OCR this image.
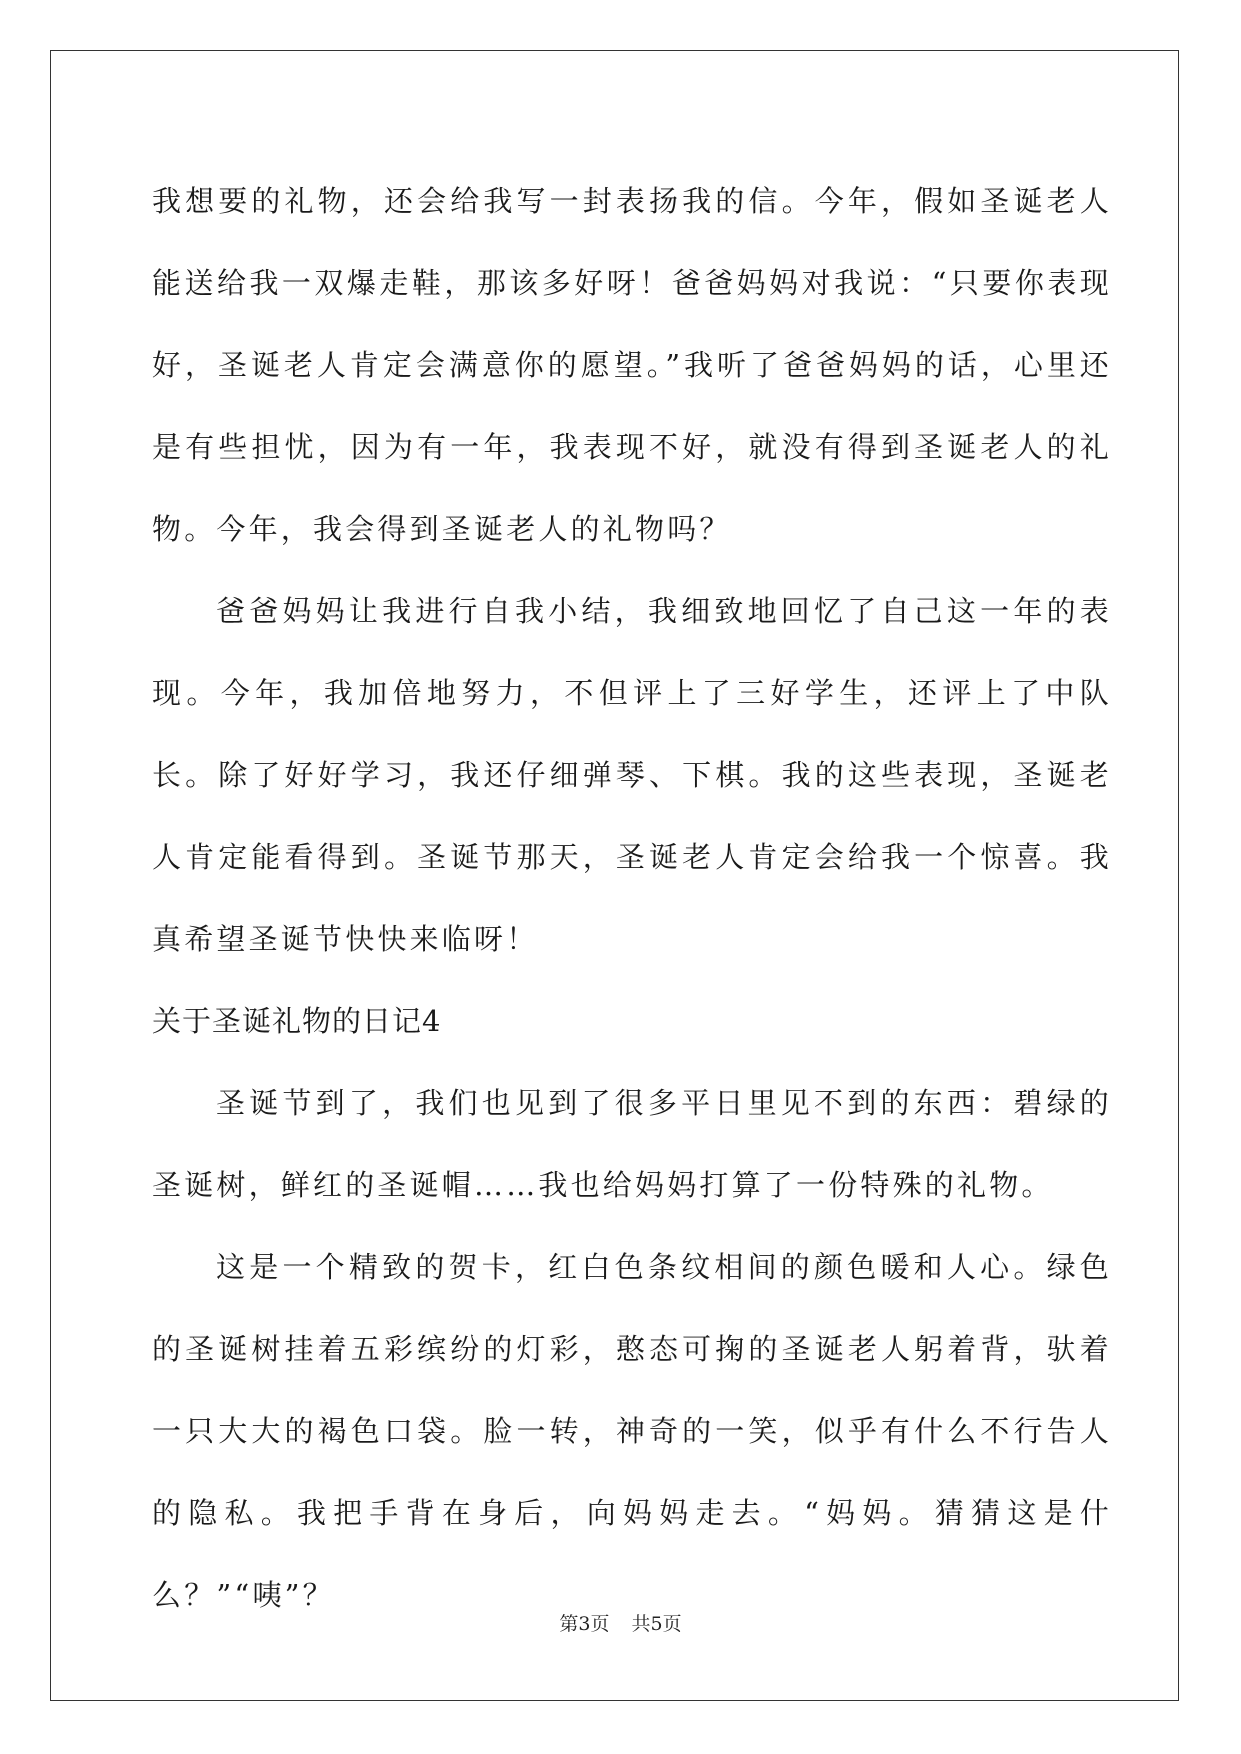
我想要的礼物，还会给我写一封表扬我的信。今年，假如圣诞老人能送给我一双爆走鞋，那该多好呀！爸爸妈妈对我说：“只要你表现好，圣诞老人肯定会满意你的愿望。”我听了爸爸妈妈的话，心里还是有些担忧，因为有一年，我表现不好，就没有得到圣诞老人的礼物。今年，我会得到圣诞老人的礼物吗？

爸爸妈妈让我进行自我小结，我细致地回忆了自己这一年的表现。今年，我加倍地努力，不但评上了三好学生，还评上了中队长。除了好好学习，我还仔细弹琴、下棋。我的这些表现，圣诞老人肯定能看得到。圣诞节那天，圣诞老人肯定会给我一个惊喜。我真希望圣诞节快快来临呀！

关于圣诞礼物的日记4

圣诞节到了，我们也见到了很多平日里见不到的东西：碧绿的圣诞树，鲜红的圣诞帽……我也给妈妈打算了一份特殊的礼物。

这是一个精致的贺卡，红白色条纹相间的颜色暖和人心。绿色的圣诞树挂着五彩缤纷的灯彩，憨态可掬的圣诞老人躬着背，驮着一只大大的褐色口袋。脸一转，神奇的一笑，似乎有什么不行告人的隐私。我把手背在身后，向妈妈走去。“妈妈。猜猜这是什么？”“咦”？

第3页 共5页
